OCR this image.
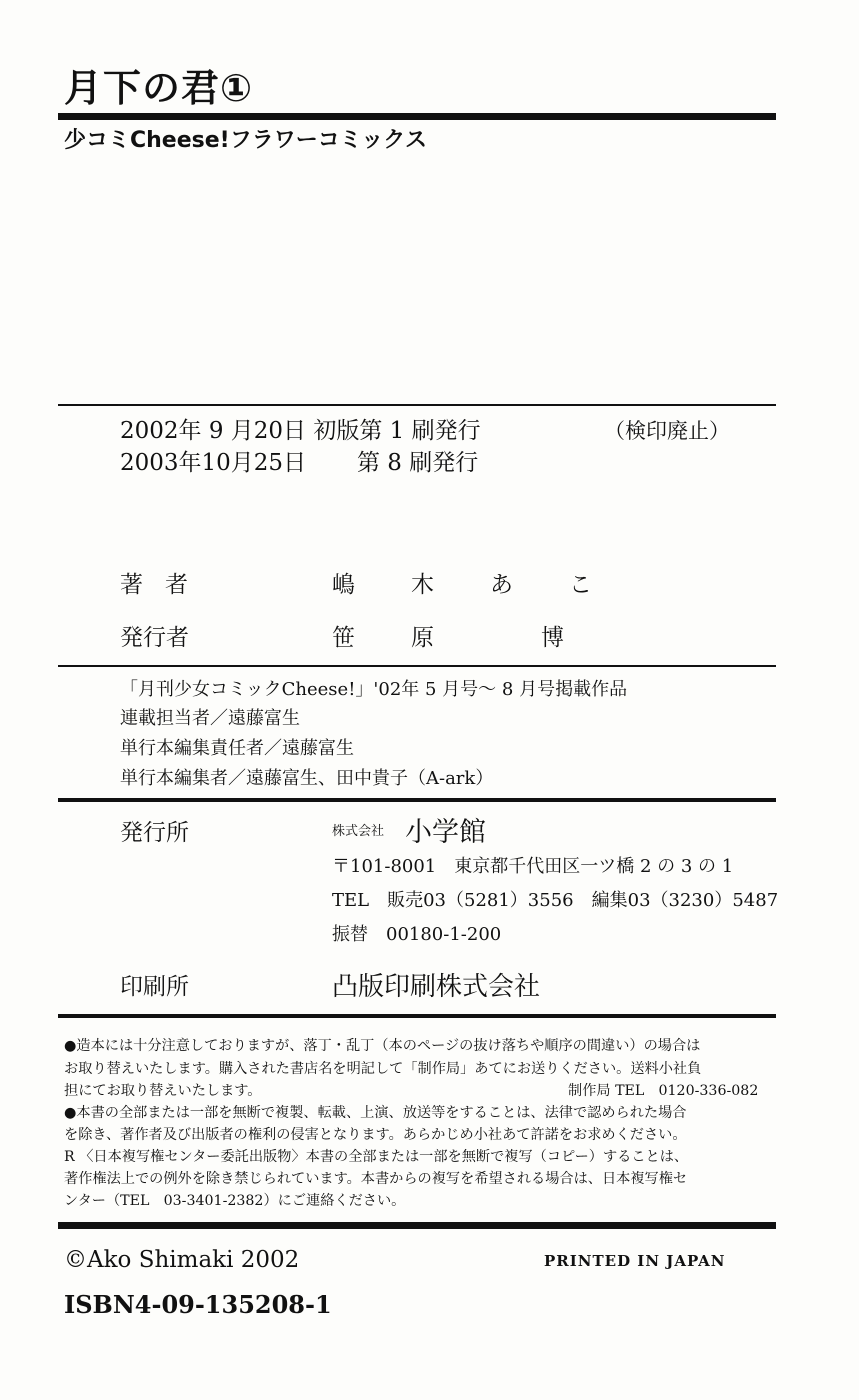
月下の君①
少コミCheese!フラワーコミックス
2002年 9 月20日 初版第 1 刷発行	（検印廃止）
2003年10月25日 第 8 刷発行
著者	嶋木あこ
発行者	笹原 博
「月刊少女コミックCheese!」'02年 5 月号～ 8 月号掲載作品
連載担当者／遠藤富生
単行本編集責任者／遠藤富生
単行本編集者／遠藤富生、田中貴子（A-ark）
発行所	株式会社 小学館
〒101-8001　東京都千代田区一ツ橋 2 の 3 の 1
TEL　販売03（5281）3556　編集03（3230）5487
振替　00180-1-200
印刷所	凸版印刷株式会社
●造本には十分注意しておりますが、落丁・乱丁（本のページの抜け落ちや順序の間違い）の場合は
お取り替えいたします。購入された書店名を明記して「制作局」あてにお送りください。送料小社負
担にてお取り替えいたします。	制作局 TEL　0120-336-082
●本書の全部または一部を無断で複製、転載、上演、放送等をすることは、法律で認められた場合
を除き、著作者及び出版者の権利の侵害となります。あらかじめ小社あて許諾をお求めください。
R 〈日本複写権センター委託出版物〉本書の全部または一部を無断で複写（コピー）することは、
著作権法上での例外を除き禁じられています。本書からの複写を希望される場合は、日本複写権セ
ンター（TEL　03-3401-2382）にご連絡ください。
©Ako Shimaki 2002	PRINTED IN JAPAN
ISBN4-09-135208-1
